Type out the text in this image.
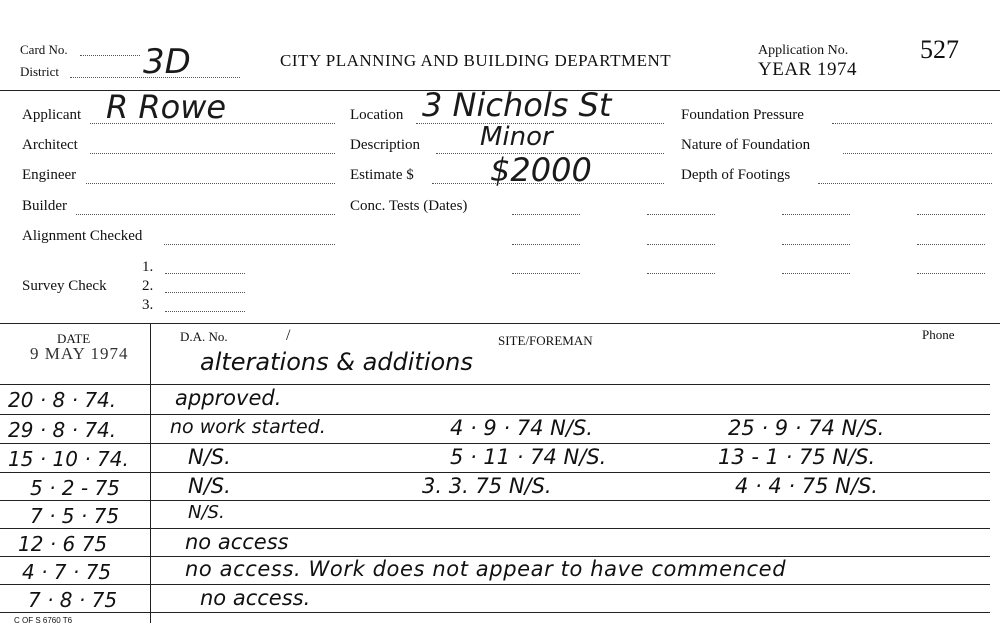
Card No.
District 3D	CITY PLANNING AND BUILDING DEPARTMENT
Application No.
YEAR 1974
527
Applicant R Rowe
Architect
Engineer
Builder
Alignment Checked
Survey Check
1.
2.
3.
Location 3 Nichols St
Description Minor
Estimate $ $2000
Conc. Tests (Dates)
Foundation Pressure
Nature of Foundation
Depth of Footings
DATE	D.A. No.	/	SITE/FOREMAN	Phone
9 MAY 1974	alterations & additions
20 · 8 · 74.	approved.
29 · 8 · 74.	no work started.	4 · 9 · 74 N/S.	25 · 9 · 74 N/S.
15 · 10 · 74.	N/S.	5 · 11 · 74 N/S.	13 - 1 · 75 N/S.
5 · 2 - 75	N/S.	3. 3. 75 N/S.	4 · 4 · 75 N/S.
7 · 5 · 75	N/S.
12 · 6 75	no access
4 · 7 · 75	no access. Work does not appear to have commenced
7 · 8 · 75	no access.
C OF S 6760 T6
